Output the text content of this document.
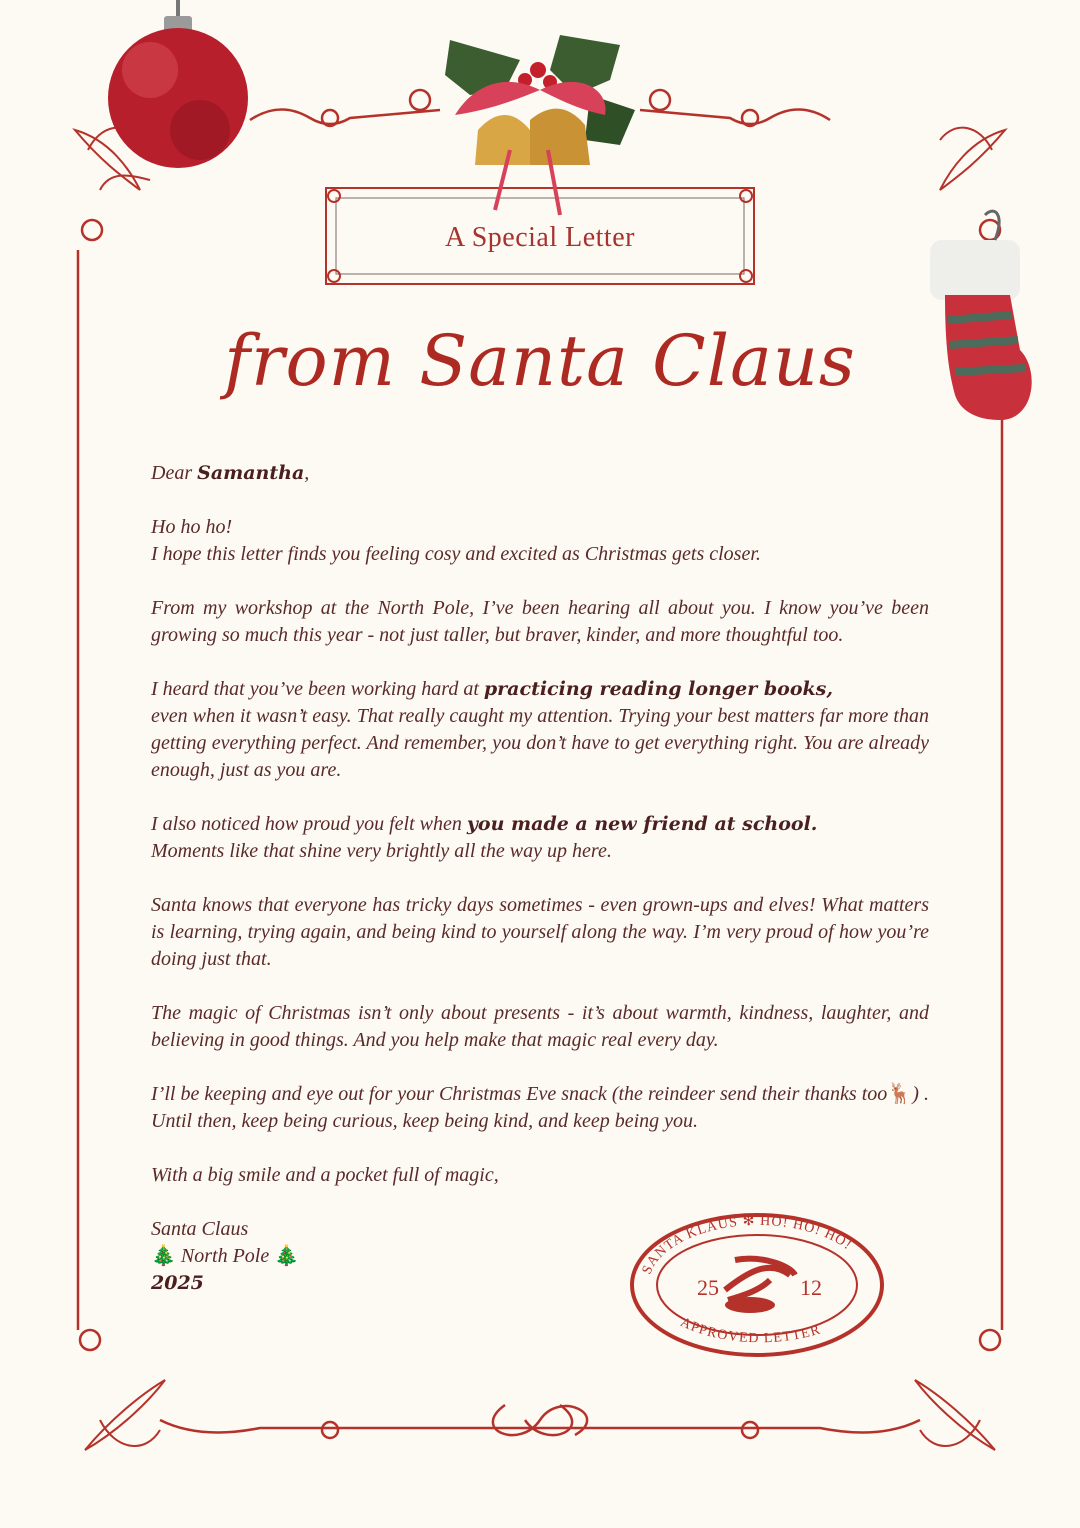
25	12
SANTA KLAUS ✻ HO! HO! HO!
APPROVED LETTER
A Special Letter
from Santa Claus

Dear Samantha,

Ho ho ho!

I hope this letter finds you feeling cosy and excited as Christmas gets closer.

From my workshop at the North Pole, I’ve been hearing all about you. I know you’ve been growing so much this year - not just taller, but braver, kinder, and more thoughtful too.

I heard that you’ve been working hard at practicing reading longer books,

even when it wasn’t easy. That really caught my attention. Trying your best matters far more than getting everything perfect. And remember, you don’t have to get everything right. You are already enough, just as you are.

I also noticed how proud you felt when you made a new friend at school.

Moments like that shine very brightly all the way up here.

Santa knows that everyone has tricky days sometimes - even grown-ups and elves! What matters is learning, trying again, and being kind to yourself along the way. I’m very proud of how you’re doing just that.

The magic of Christmas isn’t only about presents - it’s about warmth, kindness, laughter, and believing in good things. And you help make that magic real every day.

I’ll be keeping and eye out for your Christmas Eve snack (the reindeer send their thanks too🦌) . Until then, keep being curious, keep being kind, and keep being you.

With a big smile and a pocket full of magic,

Santa Claus

🎄 North Pole 🎄

2025
